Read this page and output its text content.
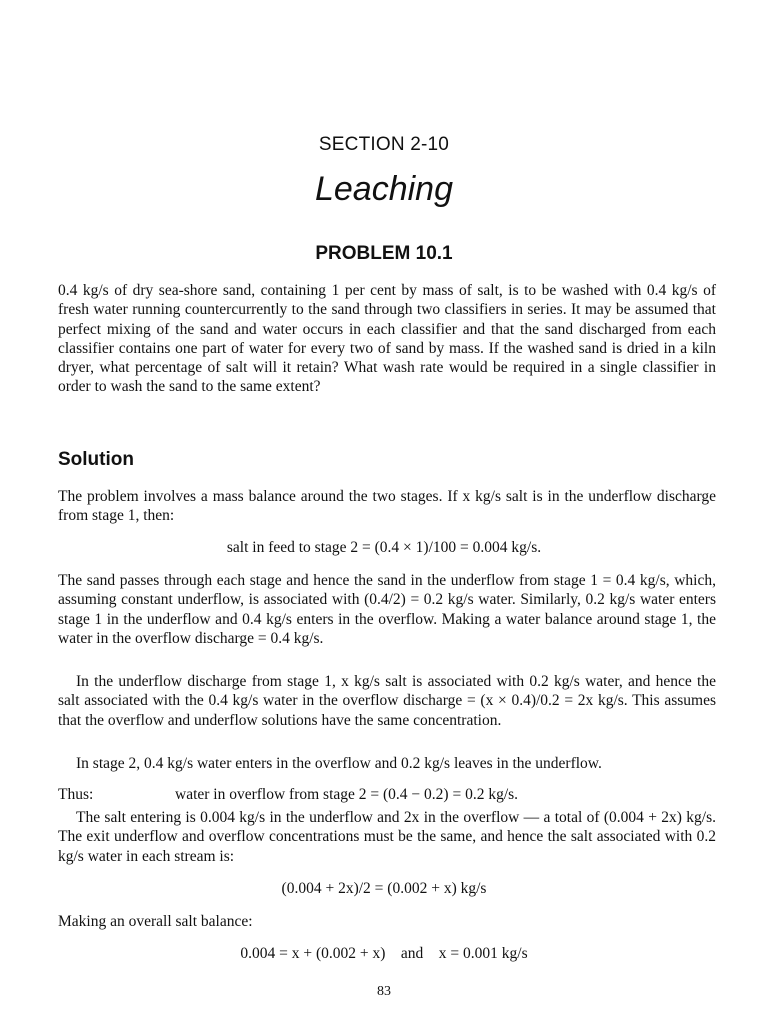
SECTION 2-10
Leaching
PROBLEM 10.1
0.4 kg/s of dry sea-shore sand, containing 1 per cent by mass of salt, is to be washed with 0.4 kg/s of fresh water running countercurrently to the sand through two classifiers in series. It may be assumed that perfect mixing of the sand and water occurs in each classifier and that the sand discharged from each classifier contains one part of water for every two of sand by mass. If the washed sand is dried in a kiln dryer, what percentage of salt will it retain? What wash rate would be required in a single classifier in order to wash the sand to the same extent?
Solution
The problem involves a mass balance around the two stages. If x kg/s salt is in the underflow discharge from stage 1, then:
salt in feed to stage 2 = (0.4 × 1)/100 = 0.004 kg/s.
The sand passes through each stage and hence the sand in the underflow from stage 1 = 0.4 kg/s, which, assuming constant underflow, is associated with (0.4/2) = 0.2 kg/s water. Similarly, 0.2 kg/s water enters stage 1 in the underflow and 0.4 kg/s enters in the overflow. Making a water balance around stage 1, the water in the overflow discharge = 0.4 kg/s.
In the underflow discharge from stage 1, x kg/s salt is associated with 0.2 kg/s water, and hence the salt associated with the 0.4 kg/s water in the overflow discharge = (x × 0.4)/0.2 = 2x kg/s. This assumes that the overflow and underflow solutions have the same concentration.
In stage 2, 0.4 kg/s water enters in the overflow and 0.2 kg/s leaves in the underflow.
Thus:	water in overflow from stage 2 = (0.4 − 0.2) = 0.2 kg/s.
The salt entering is 0.004 kg/s in the underflow and 2x in the overflow — a total of (0.004 + 2x) kg/s. The exit underflow and overflow concentrations must be the same, and hence the salt associated with 0.2 kg/s water in each stream is:
(0.004 + 2x)/2 = (0.002 + x) kg/s
Making an overall salt balance:
0.004 = x + (0.002 + x)    and    x = 0.001 kg/s
83
